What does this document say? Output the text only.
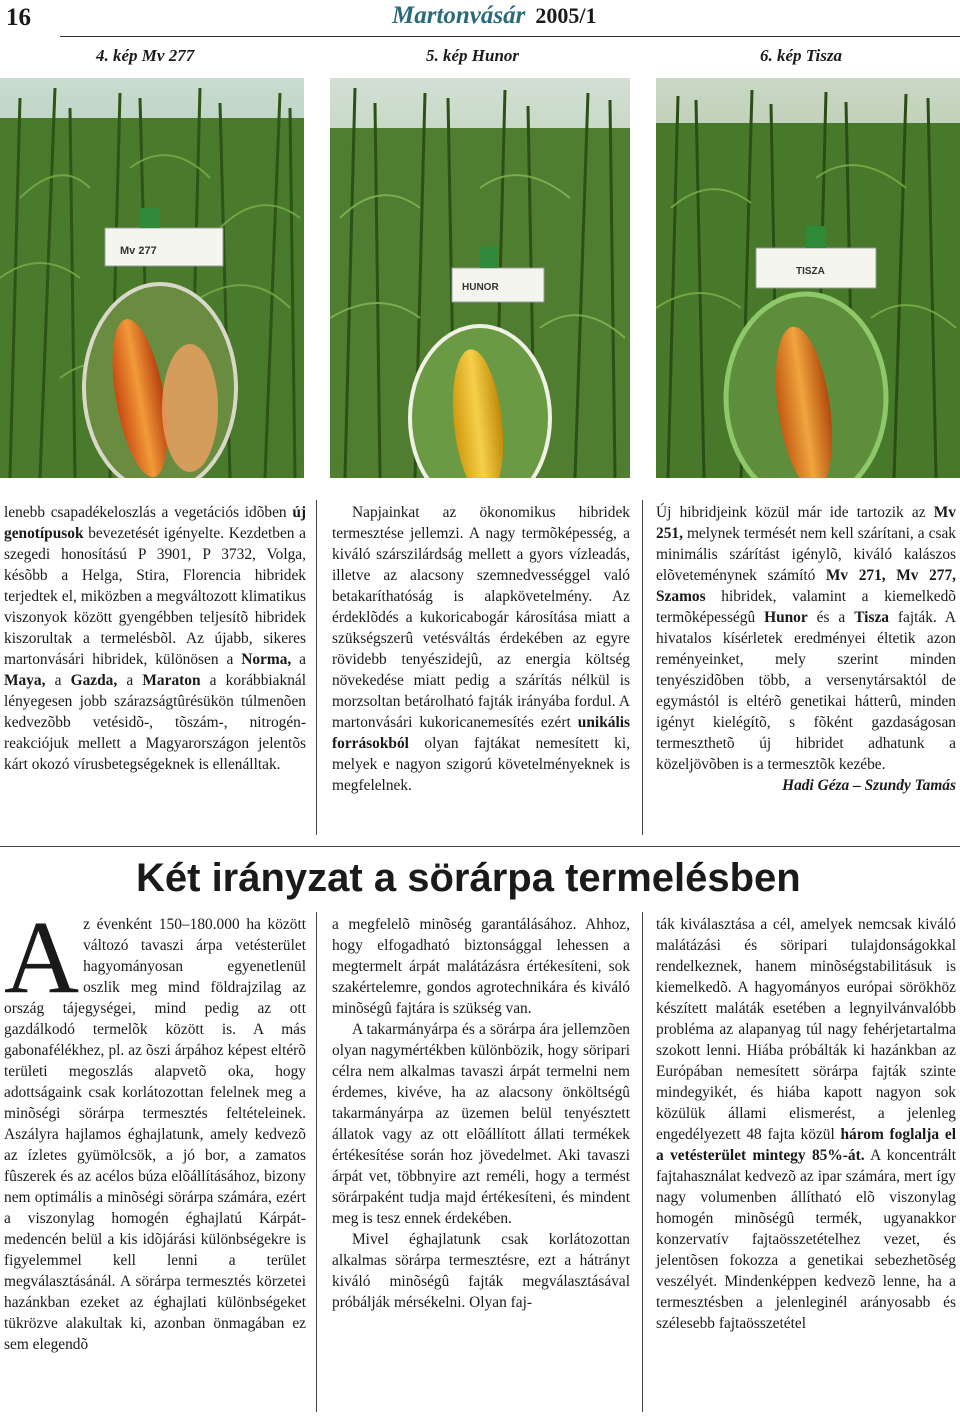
16	Martonvásár 2005/1
4. kép Mv 277	5. kép Hunor	6. kép Tisza
Mv 277
HUNOR
TISZA

lenebb csapadékeloszlás a vegetációs idõben új genotípusok bevezetését igényelte. Kezdetben a szegedi honosítású P 3901, P 3732, Volga, késõbb a Helga, Stira, Florencia hibridek terjedtek el, miközben a megváltozott klimatikus viszonyok között gyengébben teljesítõ hibridek kiszorultak a termelésbõl. Az újabb, sikeres martonvásári hibridek, különösen a Norma, a Maya, a Gazda, a Maraton a korábbiaknál lényegesen jobb szárazságtûrésükön túlmenõen kedvezõbb vetésidõ-, tõszám-, nitrogén-reakciójuk mellett a Magyarországon jelentõs kárt okozó vírusbetegségeknek is ellenálltak.

Napjainkat az ökonomikus hibridek termesztése jellemzi. A nagy termõképesség, a kiváló szárszilárdság mellett a gyors vízleadás, illetve az alacsony szemnedvességgel való betakaríthatóság is alapkövetelmény. Az érdeklõdés a kukoricabogár károsítása miatt a szükségszerû vetésváltás érdekében az egyre rövidebb tenyészidejû, az energia költség növekedése miatt pedig a szárítás nélkül is morzsoltan betárolható fajták irányába fordul. A martonvásári kukoricanemesítés ezért unikális forrásokból olyan fajtákat nemesített ki, melyek e nagyon szigorú követelményeknek is megfelelnek.

Új hibridjeink közül már ide tartozik az Mv 251, melynek termését nem kell szárítani, a csak minimális szárítást igénylõ, kiváló kalászos elõveteménynek számító Mv 271, Mv 277, Szamos hibridek, valamint a kiemelkedõ termõképességû Hunor és a Tisza fajták. A hivatalos kísérletek eredményei éltetik azon reményeinket, mely szerint minden tenyészidõben több, a versenytársaktól de egymástól is eltérõ genetikai hátterû, minden igényt kielégítõ, s fõként gazdaságosan termeszthetõ új hibridet adhatunk a közeljövõben is a termesztõk kezébe.

Hadi Géza – Szundy Tamás

Két irányzat a sörárpa termelésben
A z évenként 150–180.000 ha között változó tavaszi árpa vetésterület hagyományosan egyenetlenül oszlik meg mind földrajzilag az ország tájegységei, mind pedig az ott gazdálkodó termelõk között is. A más gabonafélékhez, pl. az õszi árpához képest eltérõ területi megoszlás alapvetõ oka, hogy adottságaink csak korlátozottan felelnek meg a minõségi sörárpa termesztés feltételeinek. Aszályra hajlamos éghajlatunk, amely kedvezõ az ízletes gyümölcsök, a jó bor, a zamatos fûszerek és az acélos búza elõállításához, bizony nem optimális a minõségi sörárpa számára, ezért a viszonylag homogén éghajlatú Kárpát-medencén belül a kis idõjárási különbségekre is figyelemmel kell lenni a terület megválasztásánál. A sörárpa termesztés körzetei hazánkban ezeket az éghajlati különbségeket tükrözve alakultak ki, azonban önmagában ez sem elegendõ

a megfelelõ minõség garantálásához. Ahhoz, hogy elfogadható biztonsággal lehessen a megtermelt árpát malátázásra értékesíteni, sok szakértelemre, gondos agrotechnikára és kiváló minõségû fajtára is szükség van.

A takarmányárpa és a sörárpa ára jellemzõen olyan nagymértékben különbözik, hogy söripari célra nem alkalmas tavaszi árpát termelni nem érdemes, kivéve, ha az alacsony önköltségû takarmányárpa az üzemen belül tenyésztett állatok vagy az ott elõállított állati termékek értékesítése során hoz jövedelmet. Aki tavaszi árpát vet, többnyire azt reméli, hogy a termést sörárpaként tudja majd értékesíteni, és mindent meg is tesz ennek érdekében.

Mivel éghajlatunk csak korlátozottan alkalmas sörárpa termesztésre, ezt a hátrányt kiváló minõségû fajták megválasztásával próbálják mérsékelni. Olyan faj-

ták kiválasztása a cél, amelyek nemcsak kiváló malátázási és söripari tulajdonságokkal rendelkeznek, hanem minõségstabilitásuk is kiemelkedõ. A hagyományos európai sörökhöz készített maláták esetében a legnyilvánvalóbb probléma az alapanyag túl nagy fehérjetartalma szokott lenni. Hiába próbálták ki hazánkban az Európában nemesített sörárpa fajták szinte mindegyikét, és hiába kapott nagyon sok közülük állami elismerést, a jelenleg engedélyezett 48 fajta közül három foglalja el a vetésterület mintegy 85%-át. A koncentrált fajtahasználat kedvezõ az ipar számára, mert így nagy volumenben állítható elõ viszonylag homogén minõségû termék, ugyanakkor konzervatív fajtaösszetételhez vezet, és jelentõsen fokozza a genetikai sebezhetõség veszélyét. Mindenképpen kedvezõ lenne, ha a termesztésben a jelenleginél arányosabb és szélesebb fajtaösszetétel
